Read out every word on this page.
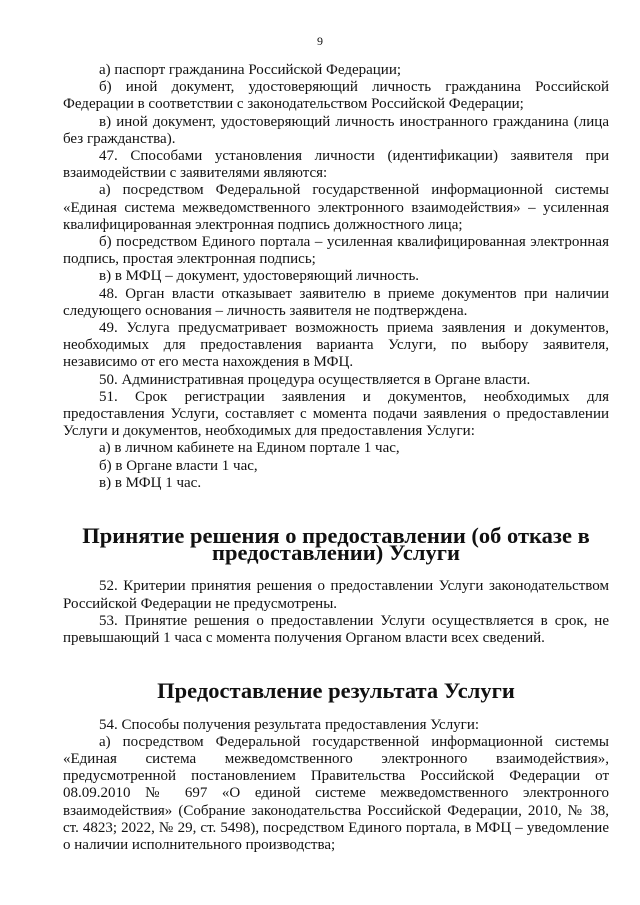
9
а) паспорт гражданина Российской Федерации;
б) иной документ, удостоверяющий личность гражданина Российской Федерации в соответствии с законодательством Российской Федерации;
в) иной документ, удостоверяющий личность иностранного гражданина (лица без гражданства).
47. Способами установления личности (идентификации) заявителя при взаимодействии с заявителями являются:
а) посредством Федеральной государственной информационной системы «Единая система межведомственного электронного взаимодействия» – усиленная квалифицированная электронная подпись должностного лица;
б) посредством Единого портала – усиленная квалифицированная электронная подпись, простая электронная подпись;
в) в МФЦ – документ, удостоверяющий личность.
48. Орган власти отказывает заявителю в приеме документов при наличии следующего основания – личность заявителя не подтверждена.
49. Услуга предусматривает возможность приема заявления и документов, необходимых для предоставления варианта Услуги, по выбору заявителя, независимо от его места нахождения в МФЦ.
50. Административная процедура осуществляется в Органе власти.
51. Срок регистрации заявления и документов, необходимых для предоставления Услуги, составляет с момента подачи заявления о предоставлении Услуги и документов, необходимых для предоставления Услуги:
а) в личном кабинете на Едином портале 1 час,
б) в Органе власти 1 час,
в) в МФЦ 1 час.
Принятие решения о предоставлении (об отказе в предоставлении) Услуги
52. Критерии принятия решения о предоставлении Услуги законодательством Российской Федерации не предусмотрены.
53. Принятие решения о предоставлении Услуги осуществляется в срок, не превышающий 1 часа с момента получения Органом власти всех сведений.
Предоставление результата Услуги
54. Способы получения результата предоставления Услуги:
а) посредством Федеральной государственной информационной системы «Единая система межведомственного электронного взаимодействия», предусмотренной постановлением Правительства Российской Федерации от 08.09.2010 № 697 «О единой системе межведомственного электронного взаимодействия» (Собрание законодательства Российской Федерации, 2010, № 38, ст. 4823; 2022, № 29, ст. 5498), посредством Единого портала, в МФЦ – уведомление о наличии исполнительного производства;
